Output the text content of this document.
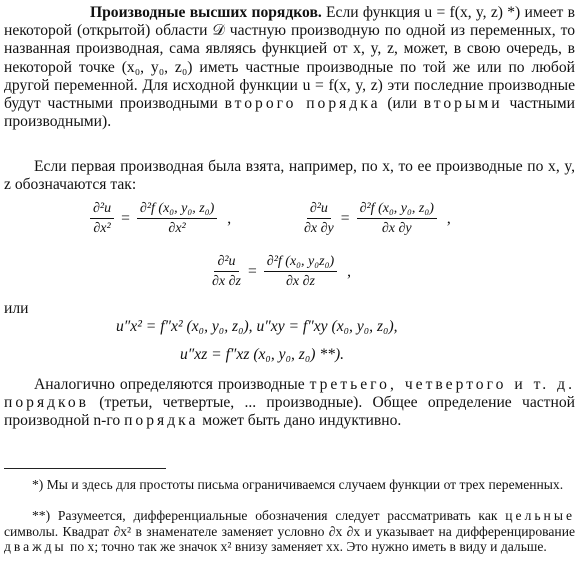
Производные высших порядков. Если функция u = f(x, y, z) *) имеет в некоторой (открытой) области 𝒟 частную производную по одной из переменных, то названная производная, сама являясь функцией от x, y, z, может, в свою очередь, в некоторой точке (x₀, y₀, z₀) иметь частные производные по той же или по любой другой переменной. Для исходной функции u = f(x, y, z) эти последние производные будут частными производными второго порядка (или вторыми частными производными).

Если первая производная была взята, например, по x, то ее производные по x, y, z обозначаются так:

$\frac{\text{∂²u}}{\text{∂x²}} = \frac{\text{∂²f (x₀, y₀, z₀)}}{\text{∂x²}}$ ,	$\frac{\text{∂²u}}{\partial x \partial y} = \frac{\text{∂²f (x₀, y₀, z₀)}}{\partial x \partial y}$ ,
$\frac{\text{∂²u}}{\partial x \partial z} = \frac{\text{∂²f (x₀, y₀z₀)}}{\partial x \partial z}$ ,
или
u″x² = f″x² (x₀, y₀, z₀), u″xy = f″xy (x₀, y₀, z₀),
u″xz = f″xz (x₀, y₀, z₀) **).

Аналогично определяются производные третьего, четвертого и т. д. порядков (третьи, четвертые, ... производные). Общее определение частной производной n-го порядка может быть дано индуктивно.

*) Мы и здесь для простоты письма ограничиваемся случаем функции от трех переменных.

**) Разумеется, дифференциальные обозначения следует рассматривать как цельные символы. Квадрат ∂x² в знаменателе заменяет условно ∂x ∂x и указывает на дифференцирование дважды по x; точно так же значок x² внизу заменяет xx. Это нужно иметь в виду и дальше.
